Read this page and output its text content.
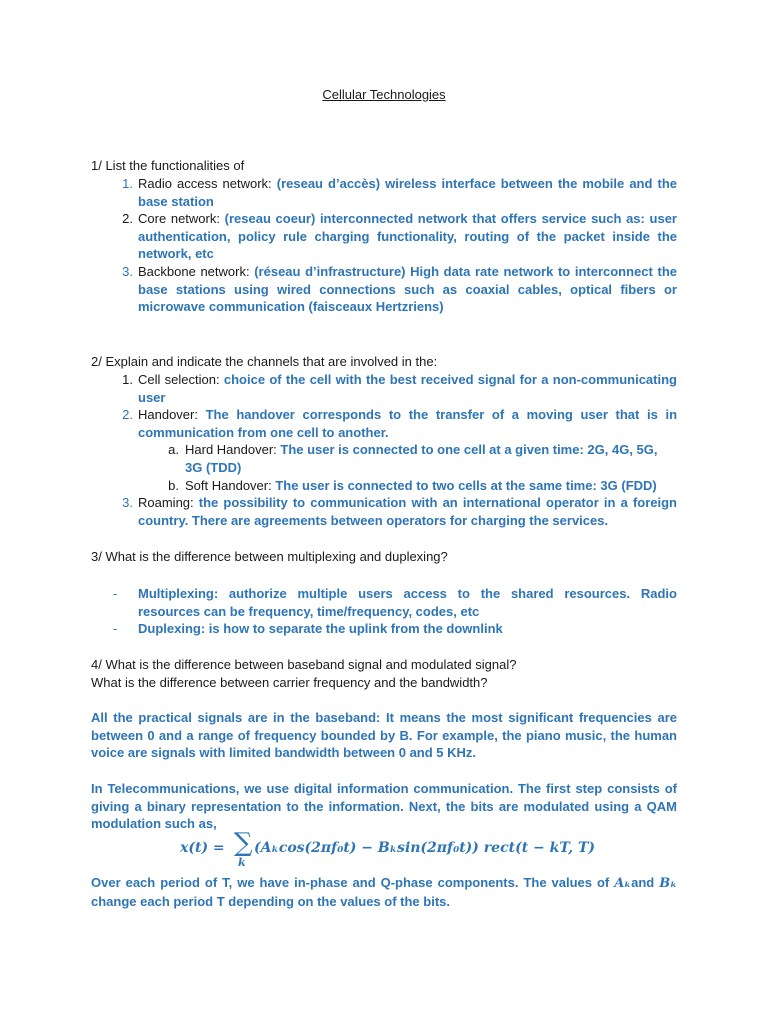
Cellular Technologies
1/ List the functionalities of
1. Radio access network: (reseau d’accès) wireless interface between the mobile and the base station
2. Core network: (reseau coeur) interconnected network that offers service such as: user authentication, policy rule charging functionality, routing of the packet inside the network, etc
3. Backbone network: (réseau d’infrastructure) High data rate network to interconnect the base stations using wired connections such as coaxial cables, optical fibers or microwave communication (faisceaux Hertzriens)
2/ Explain and indicate the channels that are involved in the:
1. Cell selection: choice of the cell with the best received signal for a non-communicating user
2. Handover: The handover corresponds to the transfer of a moving user that is in communication from one cell to another.
a. Hard Handover: The user is connected to one cell at a given time: 2G, 4G, 5G, 3G (TDD)
b. Soft Handover: The user is connected to two cells at the same time: 3G (FDD)
3. Roaming: the possibility to communication with an international operator in a foreign country. There are agreements between operators for charging the services.
3/ What is the difference between multiplexing and duplexing?
- Multiplexing: authorize multiple users access to the shared resources. Radio resources can be frequency, time/frequency, codes, etc
- Duplexing: is how to separate the uplink from the downlink
4/ What is the difference between baseband signal and modulated signal?
What is the difference between carrier frequency and the bandwidth?
All the practical signals are in the baseband: It means the most significant frequencies are between 0 and a range of frequency bounded by B. For example, the piano music, the human voice are signals with limited bandwidth between 0 and 5 KHz.
In Telecommunications, we use digital information communication. The first step consists of giving a binary representation to the information. Next, the bits are modulated using a QAM modulation such as,
x(t) = ∑
k
(Aₖcos(2πf₀t) − Bₖsin(2πf₀t)) rect(t − kT, T)
Over each period of T, we have in-phase and Q-phase components. The values of Aₖand Bₖ change each period T depending on the values of the bits.
